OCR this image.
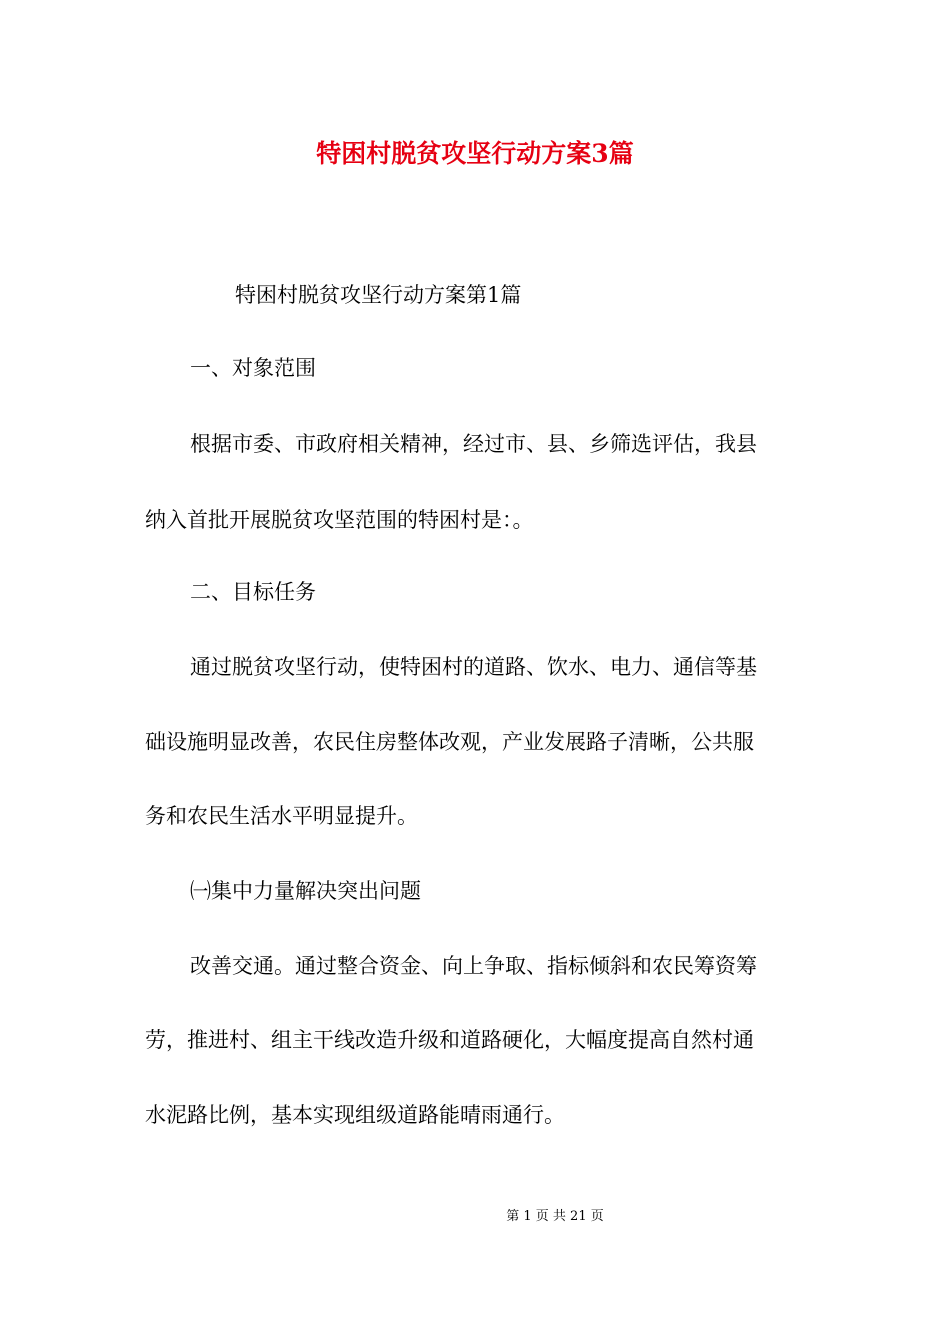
特困村脱贫攻坚行动方案3篇

特困村脱贫攻坚行动方案第1篇

一、对象范围

根据市委、市政府相关精神，经过市、县、乡筛选评估，我县

纳入首批开展脱贫攻坚范围的特困村是：。

二、目标任务

通过脱贫攻坚行动，使特困村的道路、饮水、电力、通信等基

础设施明显改善，农民住房整体改观，产业发展路子清晰，公共服

务和农民生活水平明显提升。

㈠集中力量解决突出问题

改善交通。通过整合资金、向上争取、指标倾斜和农民筹资筹

劳，推进村、组主干线改造升级和道路硬化，大幅度提高自然村通

水泥路比例，基本实现组级道路能晴雨通行。

第 1 页 共 21 页
